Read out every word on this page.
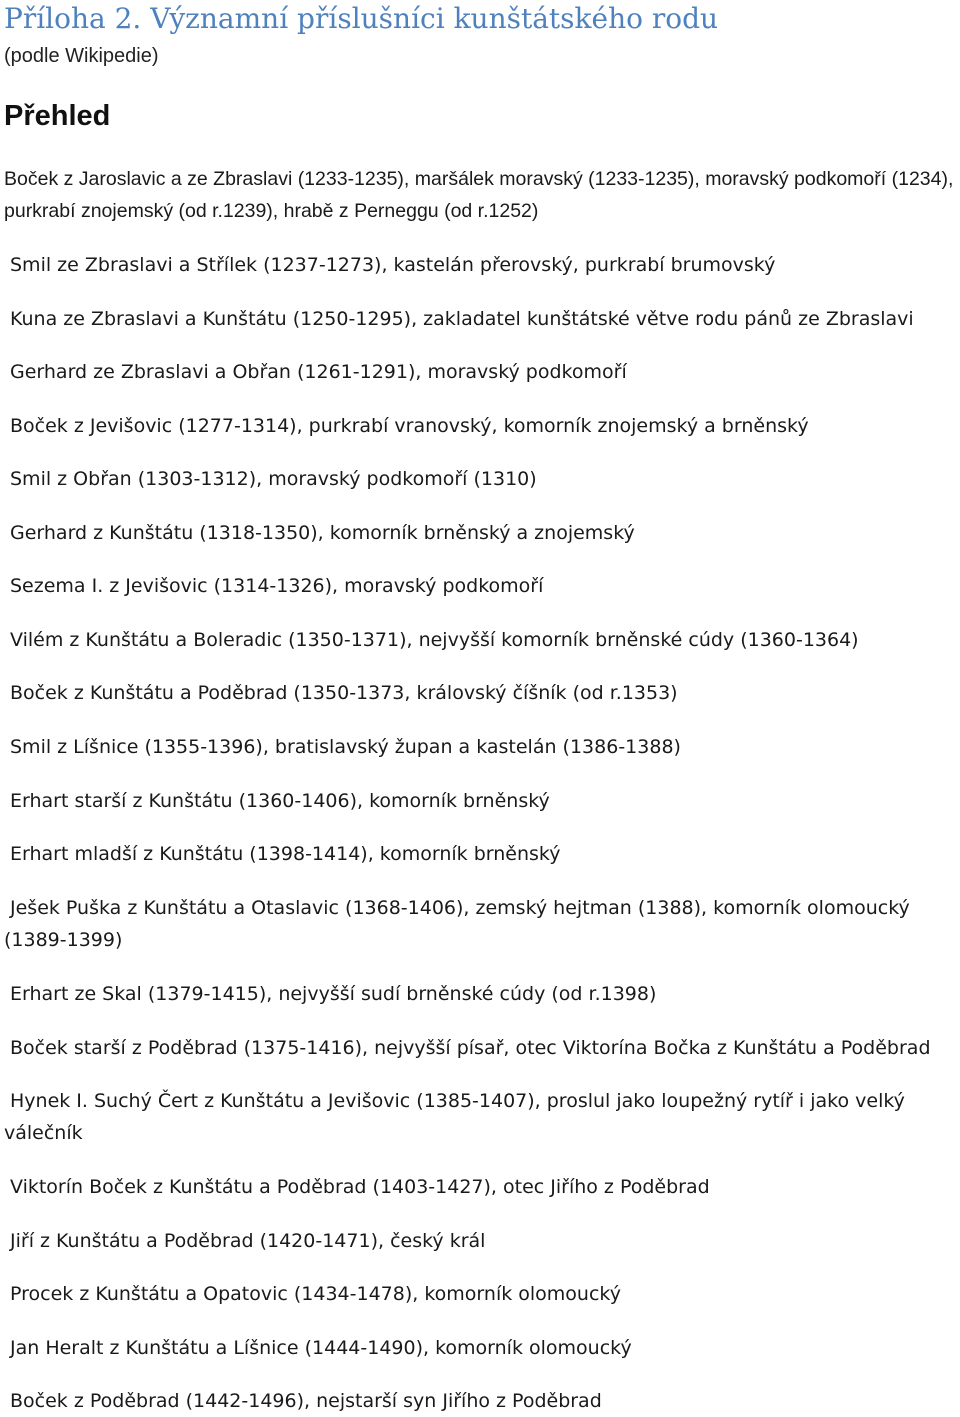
Příloha 2. Významní příslušníci kunštátského rodu
(podle Wikipedie)
Přehled
Boček z Jaroslavic a ze Zbraslavi (1233-1235), maršálek moravský (1233-1235), moravský podkomoří (1234), purkrabí znojemský (od r.1239), hrabě z Perneggu (od r.1252)
Smil ze Zbraslavi a Střílek (1237-1273), kastelán přerovský, purkrabí brumovský
Kuna ze Zbraslavi a Kunštátu (1250-1295), zakladatel kunštátské větve rodu pánů ze Zbraslavi
Gerhard ze Zbraslavi a Obřan (1261-1291), moravský podkomoří
Boček z Jevišovic (1277-1314), purkrabí vranovský, komorník znojemský a brněnský
Smil z Obřan (1303-1312), moravský podkomoří (1310)
Gerhard z Kunštátu (1318-1350), komorník brněnský a znojemský
Sezema I. z Jevišovic (1314-1326), moravský podkomoří
Vilém z Kunštátu a Boleradic (1350-1371), nejvyšší komorník brněnské cúdy (1360-1364)
Boček z Kunštátu a Poděbrad (1350-1373, královský číšník (od r.1353)
Smil z Líšnice (1355-1396), bratislavský župan a kastelán (1386-1388)
Erhart starší z Kunštátu (1360-1406), komorník brněnský
Erhart mladší z Kunštátu (1398-1414), komorník brněnský
Ješek Puška z Kunštátu a Otaslavic (1368-1406), zemský hejtman (1388), komorník olomoucký (1389-1399)
Erhart ze Skal (1379-1415), nejvyšší sudí brněnské cúdy (od r.1398)
Boček starší z Poděbrad (1375-1416), nejvyšší písař, otec Viktorína Bočka z Kunštátu a Poděbrad
Hynek I. Suchý Čert z Kunštátu a Jevišovic (1385-1407), proslul jako loupežný rytíř i jako velký válečník
Viktorín Boček z Kunštátu a Poděbrad (1403-1427), otec Jiřího z Poděbrad
Jiří z Kunštátu a Poděbrad (1420-1471), český král
Procek z Kunštátu a Opatovic (1434-1478), komorník olomoucký
Jan Heralt z Kunštátu a Líšnice (1444-1490), komorník olomoucký
Boček z Poděbrad (1442-1496), nejstarší syn Jiřího z Poděbrad
